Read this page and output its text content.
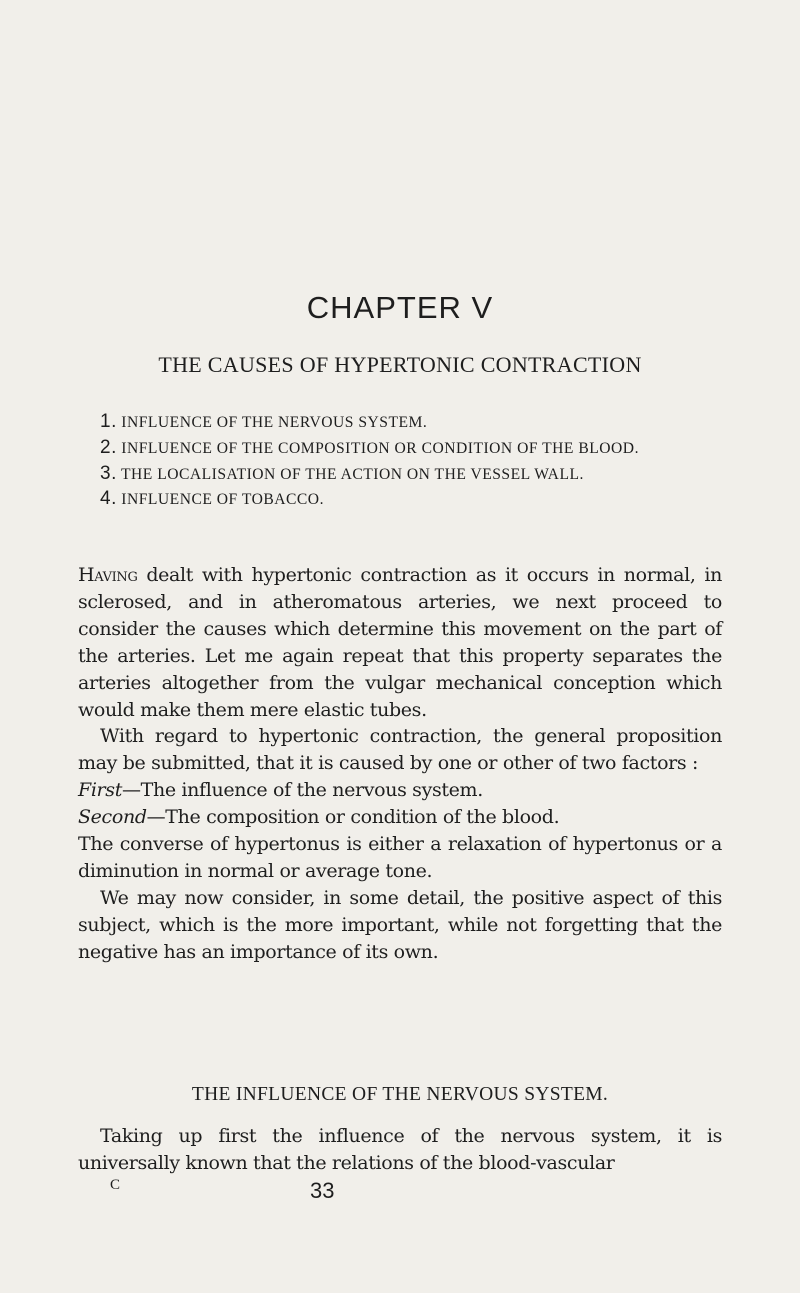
CHAPTER V
THE CAUSES OF HYPERTONIC CONTRACTION

1. INFLUENCE OF THE NERVOUS SYSTEM.

2. INFLUENCE OF THE COMPOSITION OR CONDITION OF THE BLOOD.

3. THE LOCALISATION OF THE ACTION ON THE VESSEL WALL.

4. INFLUENCE OF TOBACCO.

Having dealt with hypertonic contraction as it occurs in normal, in sclerosed, and in atheromatous arteries, we next proceed to consider the causes which determine this movement on the part of the arteries. Let me again repeat that this property separates the arteries altogether from the vulgar mechanical conception which would make them mere elastic tubes.

With regard to hypertonic contraction, the general proposition may be submitted, that it is caused by one or other of two factors :

First—The influence of the nervous system.

Second—The composition or condition of the blood.

The converse of hypertonus is either a relaxation of hypertonus or a diminution in normal or average tone.

We may now consider, in some detail, the positive aspect of this subject, which is the more important, while not forgetting that the negative has an importance of its own.

THE INFLUENCE OF THE NERVOUS SYSTEM.

Taking up first the influence of the nervous system, it is universally known that the relations of the blood-vascular

C	33
